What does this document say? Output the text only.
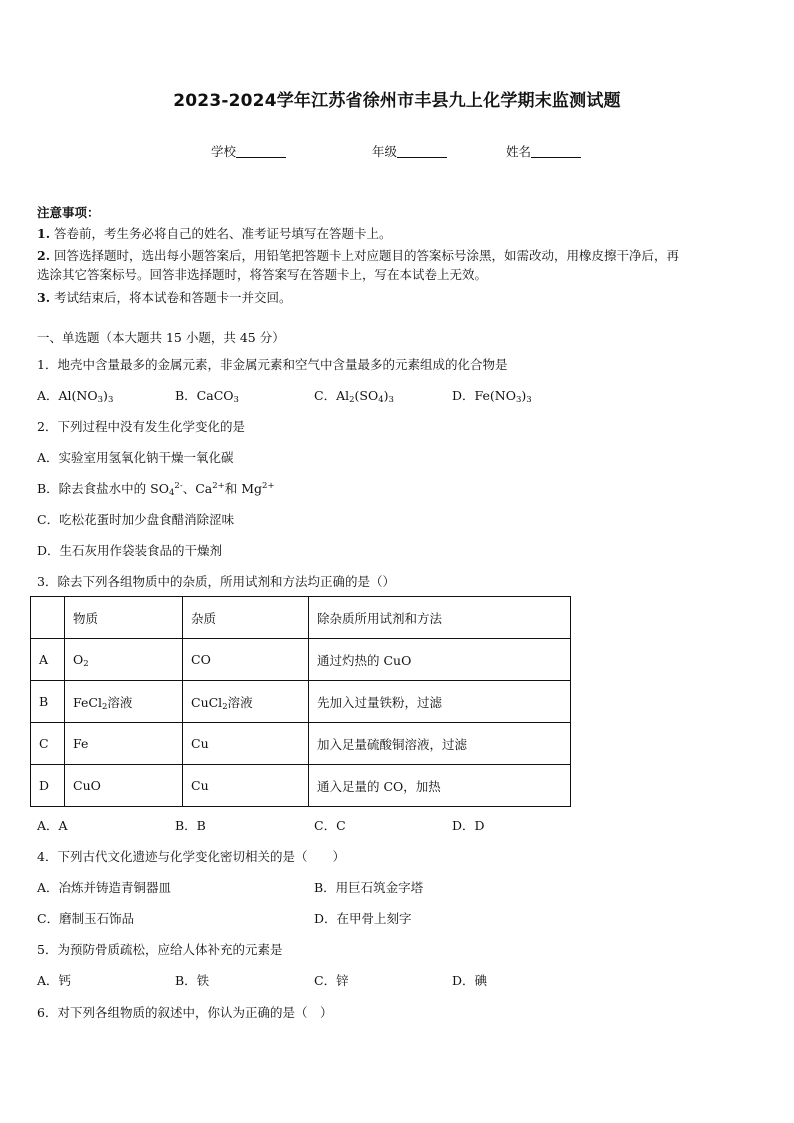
2023-2024学年江苏省徐州市丰县九上化学期末监测试题
学校	年级	姓名
注意事项：
1. 答卷前，考生务必将自己的姓名、准考证号填写在答题卡上。
2. 回答选择题时，选出每小题答案后，用铅笔把答题卡上对应题目的答案标号涂黑，如需改动，用橡皮擦干净后，再
选涂其它答案标号。回答非选择题时，将答案写在答题卡上，写在本试卷上无效。
3. 考试结束后，将本试卷和答题卡一并交回。
一、单选题（本大题共 15 小题，共 45 分）
1．地壳中含量最多的金属元素，非金属元素和空气中含量最多的元素组成的化合物是
A．$Al(NO_3)_3$	B．CaCO$_3$	C．$Al_2(SO_4)_3$	D．$Fe(NO_3)_3$
2．下列过程中没有发生化学变化的是
A．实验室用氢氧化钠干燥一氧化碳
B．除去食盐水中的 $SO_4^{2-}$、$Ca^{2+}$和 $Mg^{2+}$
C．吃松花蛋时加少盘食醋消除涩味
D．生石灰用作袋装食品的干燥剂
3．除去下列各组物质中的杂质，所用试剂和方法均正确的是（）
	物质	杂质	除杂质所用试剂和方法
A	$O_2$	CO	通过灼热的 CuO
B	FeCl$_2$溶液	CuCl$_2$溶液	先加入过量铁粉，过滤
C	Fe	Cu	加入足量硫酸铜溶液，过滤
D	CuO	Cu	通入足量的 CO，加热
A．A	B．B	C．C	D．D
4．下列古代文化遗迹与化学变化密切相关的是（　　）
A．冶炼并铸造青铜器皿	B．用巨石筑金字塔
C．磨制玉石饰品	D．在甲骨上刻字
5．为预防骨质疏松，应给人体补充的元素是
A．钙	B．铁	C．锌	D．碘
6．对下列各组物质的叙述中，你认为正确的是（　）
